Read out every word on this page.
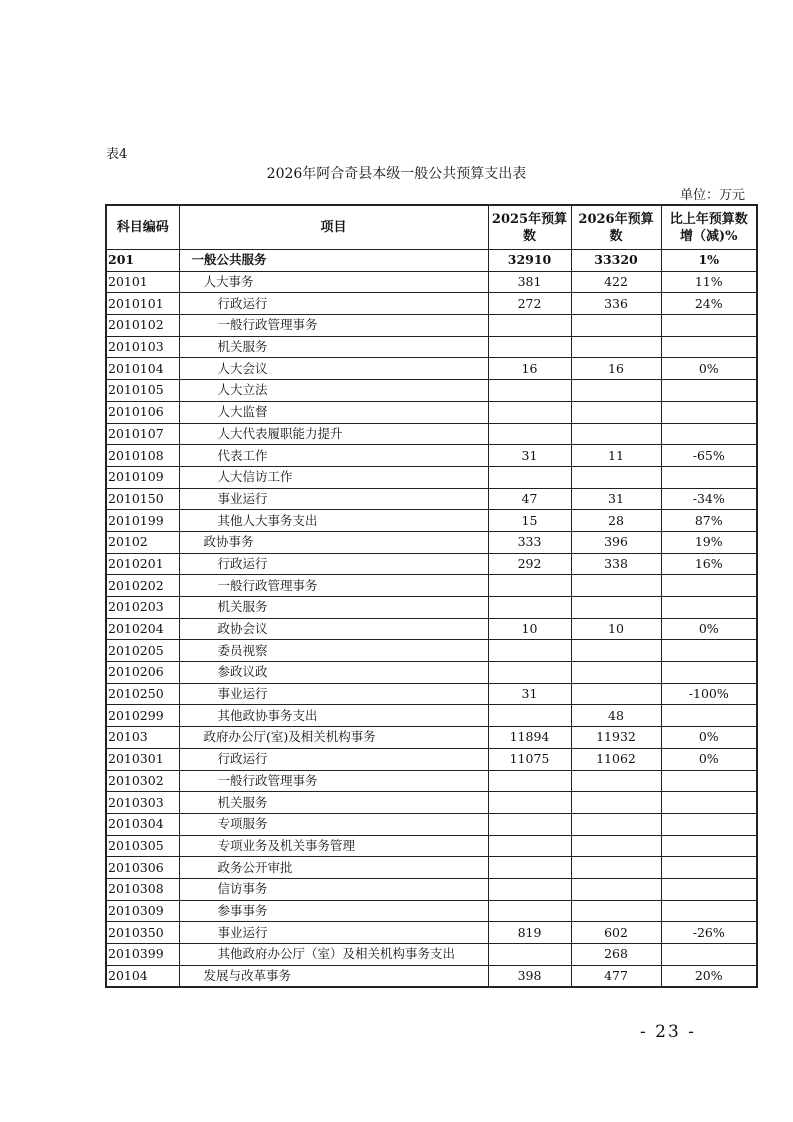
表4
2026年阿合奇县本级一般公共预算支出表
单位：万元
科目编码	项目	2025年预算数	2026年预算数	比上年预算数增（减)%
201	一般公共服务	32910	33320	1%
20101	人大事务	381	422	11%
2010101	行政运行	272	336	24%
2010102	一般行政管理事务			
2010103	机关服务			
2010104	人大会议	16	16	0%
2010105	人大立法			
2010106	人大监督			
2010107	人大代表履职能力提升			
2010108	代表工作	31	11	-65%
2010109	人大信访工作			
2010150	事业运行	47	31	-34%
2010199	其他人大事务支出	15	28	87%
20102	政协事务	333	396	19%
2010201	行政运行	292	338	16%
2010202	一般行政管理事务			
2010203	机关服务			
2010204	政协会议	10	10	0%
2010205	委员视察			
2010206	参政议政			
2010250	事业运行	31		-100%
2010299	其他政协事务支出		48	
20103	政府办公厅(室)及相关机构事务	11894	11932	0%
2010301	行政运行	11075	11062	0%
2010302	一般行政管理事务			
2010303	机关服务			
2010304	专项服务			
2010305	专项业务及机关事务管理			
2010306	政务公开审批			
2010308	信访事务			
2010309	参事事务			
2010350	事业运行	819	602	-26%
2010399	其他政府办公厅（室）及相关机构事务支出		268	
20104	发展与改革事务	398	477	20%
- 23 -
